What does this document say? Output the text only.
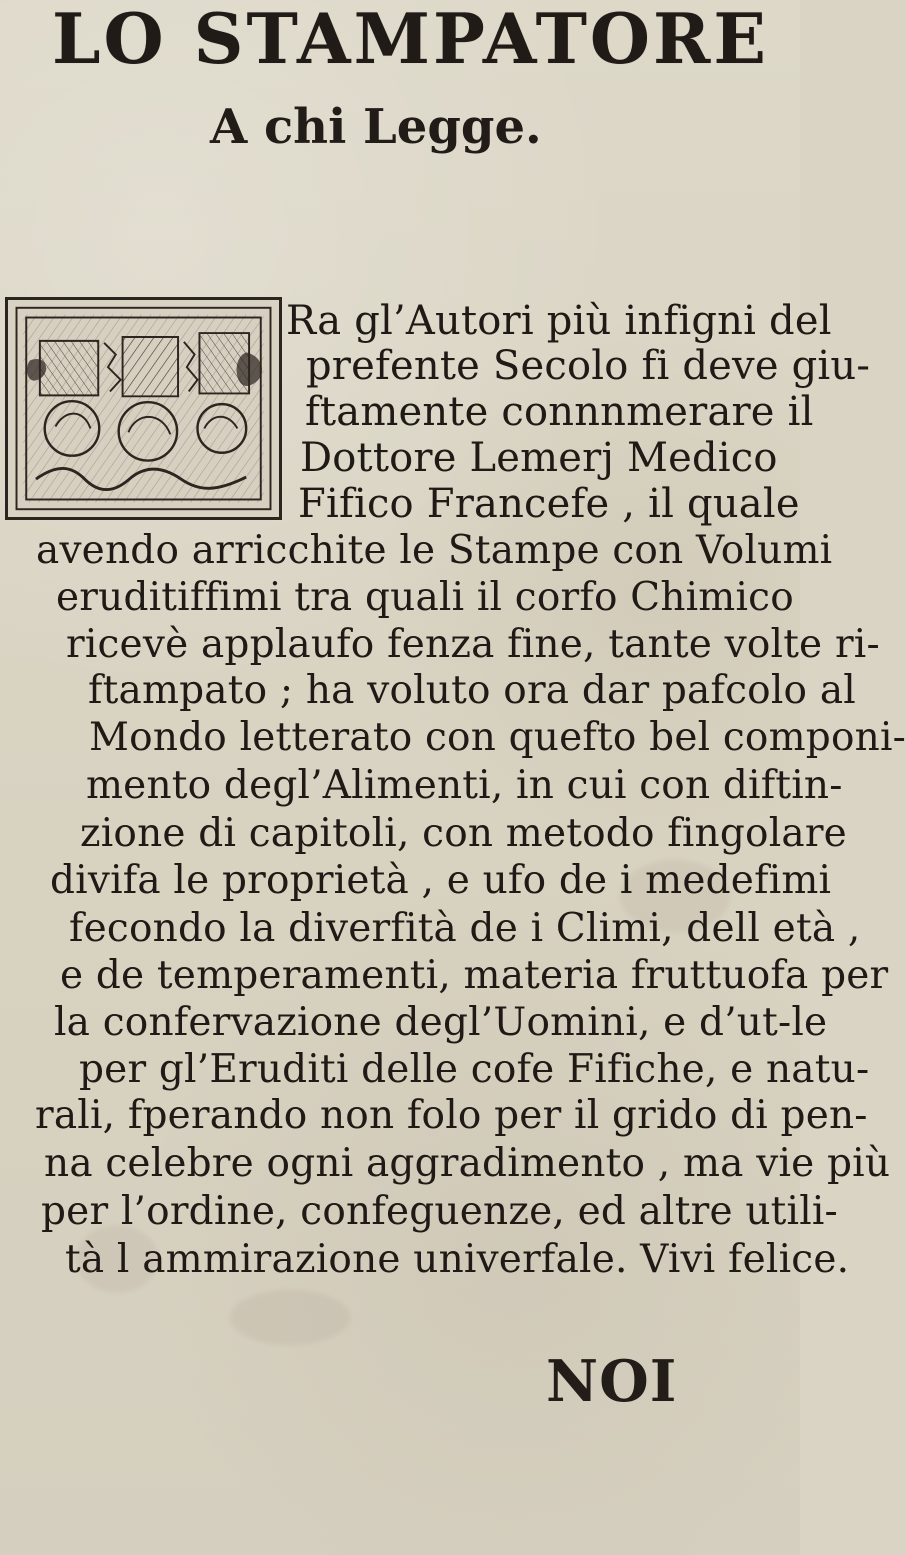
LO STAMPATORE
A chi Legge.
Ra gl’Autori più infigni del
prefente Secolo fi deve giu-
ftamente connnmerare il
Dottore Lemerj Medico
Fifico Francefe , il quale
avendo arricchite le Stampe con Volumi
eruditiffimi tra quali il corfo Chimico
ricevè applaufo fenza fine, tante volte ri-
ftampato ; ha voluto ora dar pafcolo al
Mondo letterato con quefto bel componi-
mento degl’Alimenti, in cui con diftin-
zione di capitoli, con metodo fingolare
divifa le proprietà , e ufo de i medefimi
fecondo la diverfità de i Climi, dell età ,
e de temperamenti, materia fruttuofa per
la confervazione degl’Uomini, e d’ut-le
per gl’Eruditi delle cofe Fifiche, e natu-
rali, fperando non folo per il grido di pen-
na celebre ogni aggradimento , ma vie più
per l’ordine, confeguenze, ed altre utili-
tà l ammirazione univerfale. Vivi felice.
NOI
